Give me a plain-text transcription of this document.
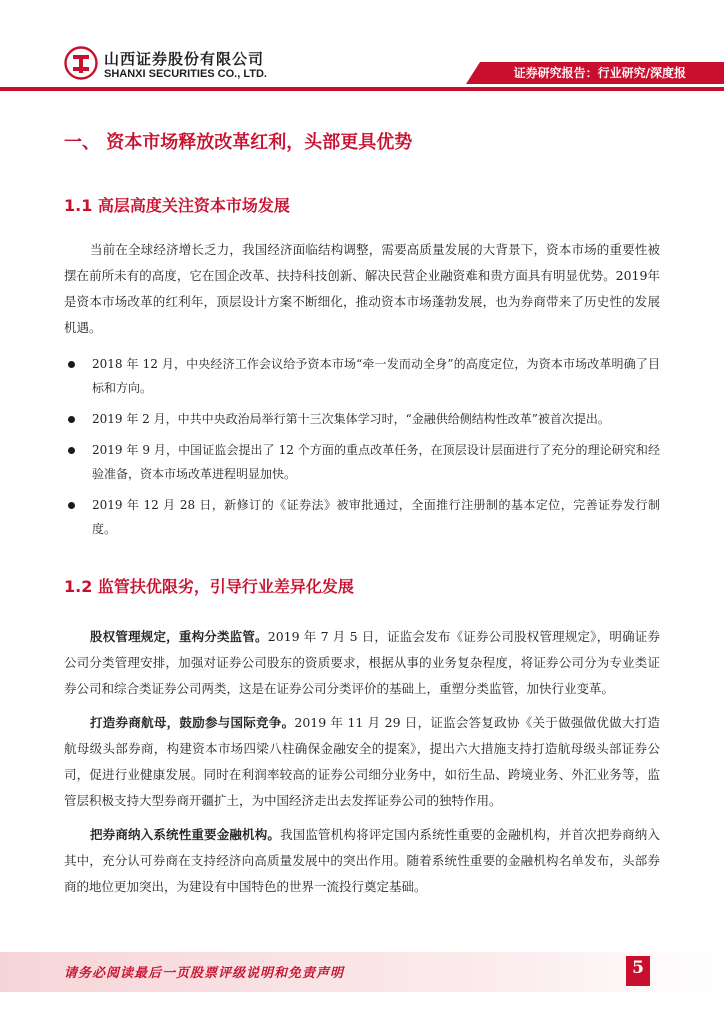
山西证券股份有限公司
SHANXI SECURITIES CO., LTD.	证券研究报告：行业研究/深度报
一、 资本市场释放改革红利，头部更具优势
1.1 高层高度关注资本市场发展
当前在全球经济增长乏力，我国经济面临结构调整，需要高质量发展的大背景下，资本市场的重要性被摆在前所未有的高度，它在国企改革、扶持科技创新、解决民营企业融资难和贵方面具有明显优势。2019年是资本市场改革的红利年，顶层设计方案不断细化，推动资本市场蓬勃发展，也为券商带来了历史性的发展机遇。
2018 年 12 月，中央经济工作会议给予资本市场“牵一发而动全身”的高度定位，为资本市场改革明确了目标和方向。
2019 年 2 月，中共中央政治局举行第十三次集体学习时，“金融供给侧结构性改革”被首次提出。
2019 年 9 月，中国证监会提出了 12 个方面的重点改革任务，在顶层设计层面进行了充分的理论研究和经验准备，资本市场改革进程明显加快。
2019 年 12 月 28 日，新修订的《证券法》被审批通过，全面推行注册制的基本定位，完善证券发行制度。
1.2 监管扶优限劣，引导行业差异化发展
股权管理规定，重构分类监管。2019 年 7 月 5 日，证监会发布《证券公司股权管理规定》，明确证券公司分类管理安排，加强对证券公司股东的资质要求，根据从事的业务复杂程度，将证券公司分为专业类证券公司和综合类证券公司两类，这是在证券公司分类评价的基础上，重塑分类监管，加快行业变革。
打造券商航母，鼓励参与国际竞争。2019 年 11 月 29 日，证监会答复政协《关于做强做优做大打造航母级头部券商，构建资本市场四梁八柱确保金融安全的提案》，提出六大措施支持打造航母级头部证券公司，促进行业健康发展。同时在利润率较高的证券公司细分业务中，如衍生品、跨境业务、外汇业务等，监管层积极支持大型券商开疆扩土，为中国经济走出去发挥证券公司的独特作用。
把券商纳入系统性重要金融机构。我国监管机构将评定国内系统性重要的金融机构，并首次把券商纳入其中，充分认可券商在支持经济向高质量发展中的突出作用。随着系统性重要的金融机构名单发布，头部券商的地位更加突出，为建设有中国特色的世界一流投行奠定基础。
请务必阅读最后一页股票评级说明和免责声明	5
